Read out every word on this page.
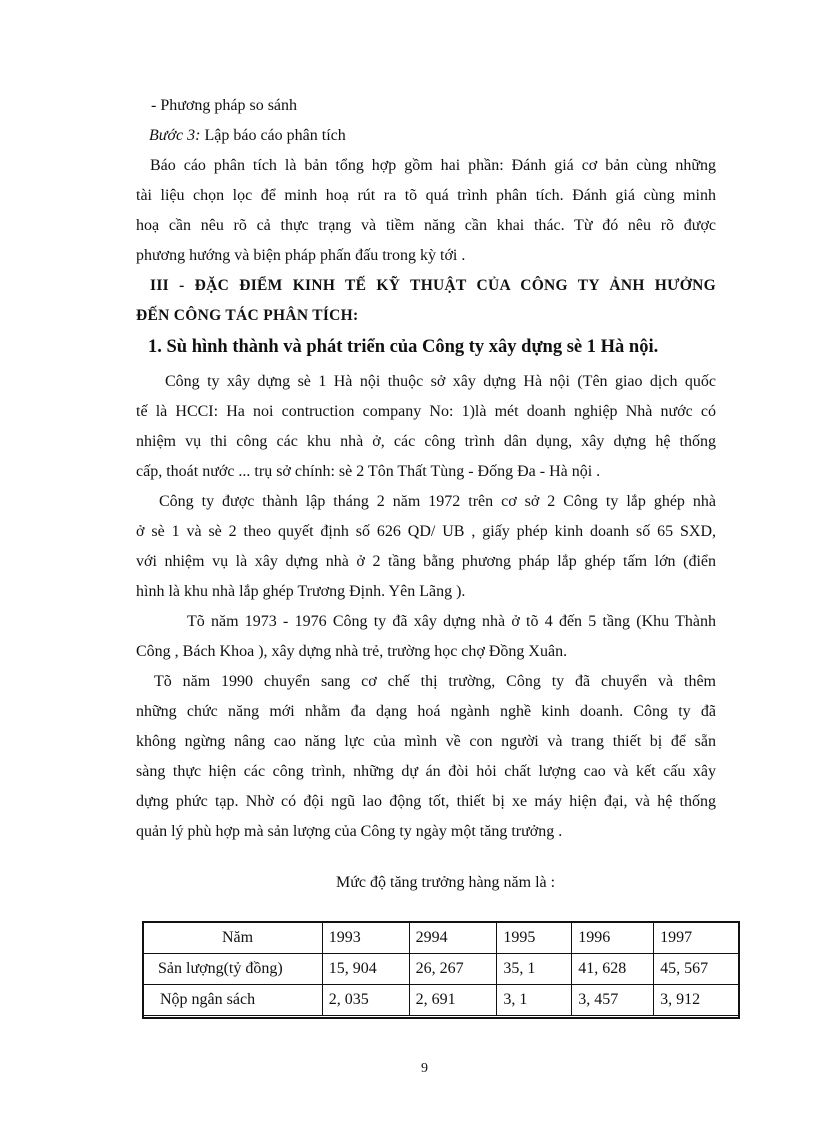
- Phương pháp so sánh
Bước 3: Lập báo cáo phân tích
Báo cáo phân tích là bản tổng hợp gồm hai phần: Đánh giá cơ bản cùng những
tài liệu chọn lọc để minh hoạ rút ra tõ quá trình phân tích. Đánh giá cùng minh
hoạ cần nêu rõ cả thực trạng và tiềm năng cần khai thác. Từ đó nêu rõ được
phương hướng và biện pháp phấn đấu trong kỳ tới .
III - ĐẶC ĐIỂM KINH TẾ KỸ THUẬT CỦA CÔNG TY ẢNH HƯỞNG
ĐẾN CÔNG TÁC PHÂN TÍCH:
1. Sù hình thành và phát triển của Công ty xây dựng sè 1 Hà nội.
Công ty xây dựng sè 1 Hà nội thuộc sở xây dựng Hà nội (Tên giao dịch quốc
tế là HCCI: Ha noi contruction company No: 1)là mét doanh nghiệp Nhà nước có
nhiệm vụ thi công các khu nhà ở, các công trình dân dụng, xây dựng hệ thống
cấp, thoát nước ... trụ sở chính: sè 2 Tôn Thất Tùng - Đống Đa - Hà nội .
Công ty được thành lập tháng 2 năm 1972 trên cơ sở 2 Công ty lắp ghép nhà
ở sè 1 và sè 2 theo quyết định số 626 QD/ UB , giấy phép kinh doanh số 65 SXD,
với nhiệm vụ là xây dựng nhà ở 2 tầng bằng phương pháp lắp ghép tấm lớn (điển
hình là khu nhà lắp ghép Trương Định. Yên Lãng ).
Tõ năm 1973 - 1976 Công ty đã xây dựng nhà ở tõ 4 đến 5 tầng (Khu Thành
Công , Bách Khoa ), xây dựng nhà trẻ, trường học chợ Đồng Xuân.
Tõ năm 1990 chuyển sang cơ chế thị trường, Công ty đã chuyển và thêm
những chức năng mới nhằm đa dạng hoá ngành nghề kinh doanh. Công ty đã
không ngừng nâng cao năng lực của mình về con người và trang thiết bị để sẵn
sàng thực hiện các công trình, những dự án đòi hỏi chất lượng cao và kết cấu xây
dựng phức tạp. Nhờ có đội ngũ lao động tốt, thiết bị xe máy hiện đại, và hệ thống
quản lý phù hợp mà sản lượng của Công ty ngày một tăng trưởng .
Mức độ tăng trưởng hàng năm là :
Năm	1993	2994	1995	1996	1997
Sản lượng(tỷ đồng)	15, 904	26, 267	35, 1	41, 628	45, 567
Nộp ngân sách	2, 035	2, 691	3, 1	3, 457	3, 912
9
